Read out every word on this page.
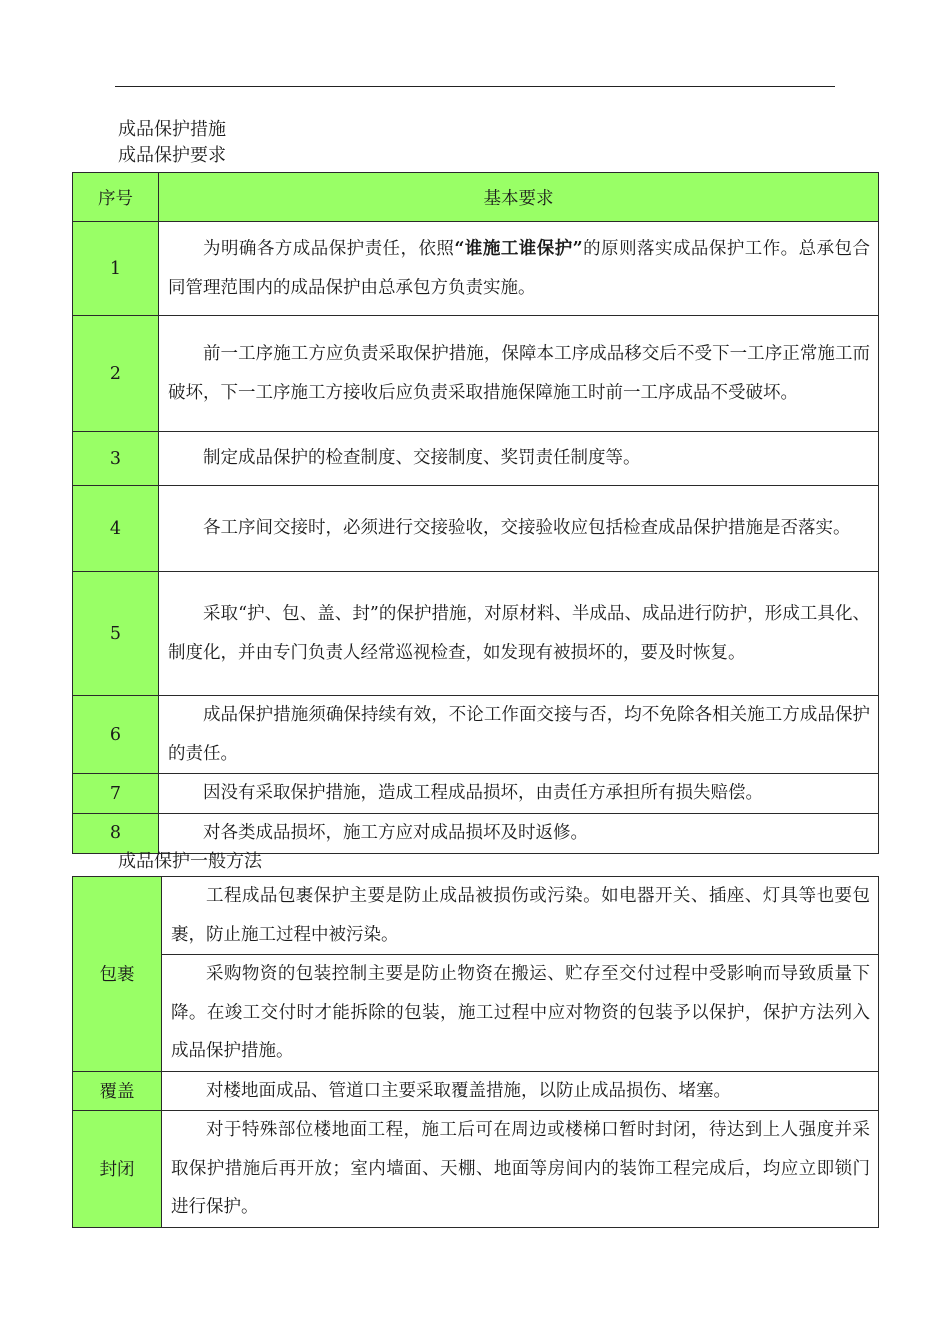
成品保护措施
成品保护要求
序号	基本要求
1	为明确各方成品保护责任，依照“谁施工谁保护”的原则落实成品保护工作。总承包合同管理范围内的成品保护由总承包方负责实施。

2	前一工序施工方应负责采取保护措施，保障本工序成品移交后不受下一工序正常施工而破坏，下一工序施工方接收后应负责采取措施保障施工时前一工序成品不受破坏。

3	制定成品保护的检查制度、交接制度、奖罚责任制度等。

4	各工序间交接时，必须进行交接验收，交接验收应包括检查成品保护措施是否落实。

5	采取“护、包、盖、封”的保护措施，对原材料、半成品、成品进行防护，形成工具化、制度化，并由专门负责人经常巡视检查，如发现有被损坏的，要及时恢复。

6	成品保护措施须确保持续有效，不论工作面交接与否，均不免除各相关施工方成品保护的责任。

7	因没有采取保护措施，造成工程成品损坏，由责任方承担所有损失赔偿。

8	对各类成品损坏，施工方应对成品损坏及时返修。
成品保护一般方法
包裹	工程成品包裹保护主要是防止成品被损伤或污染。如电器开关、插座、灯具等也要包裹，防止施工过程中被污染。
采购物资的包装控制主要是防止物资在搬运、贮存至交付过程中受影响而导致质量下降。在竣工交付时才能拆除的包装，施工过程中应对物资的包装予以保护，保护方法列入成品保护措施。

覆盖	对楼地面成品、管道口主要采取覆盖措施，以防止成品损伤、堵塞。

封闭	对于特殊部位楼地面工程，施工后可在周边或楼梯口暂时封闭，待达到上人强度并采取保护措施后再开放；室内墙面、天棚、地面等房间内的装饰工程完成后，均应立即锁门进行保护。
